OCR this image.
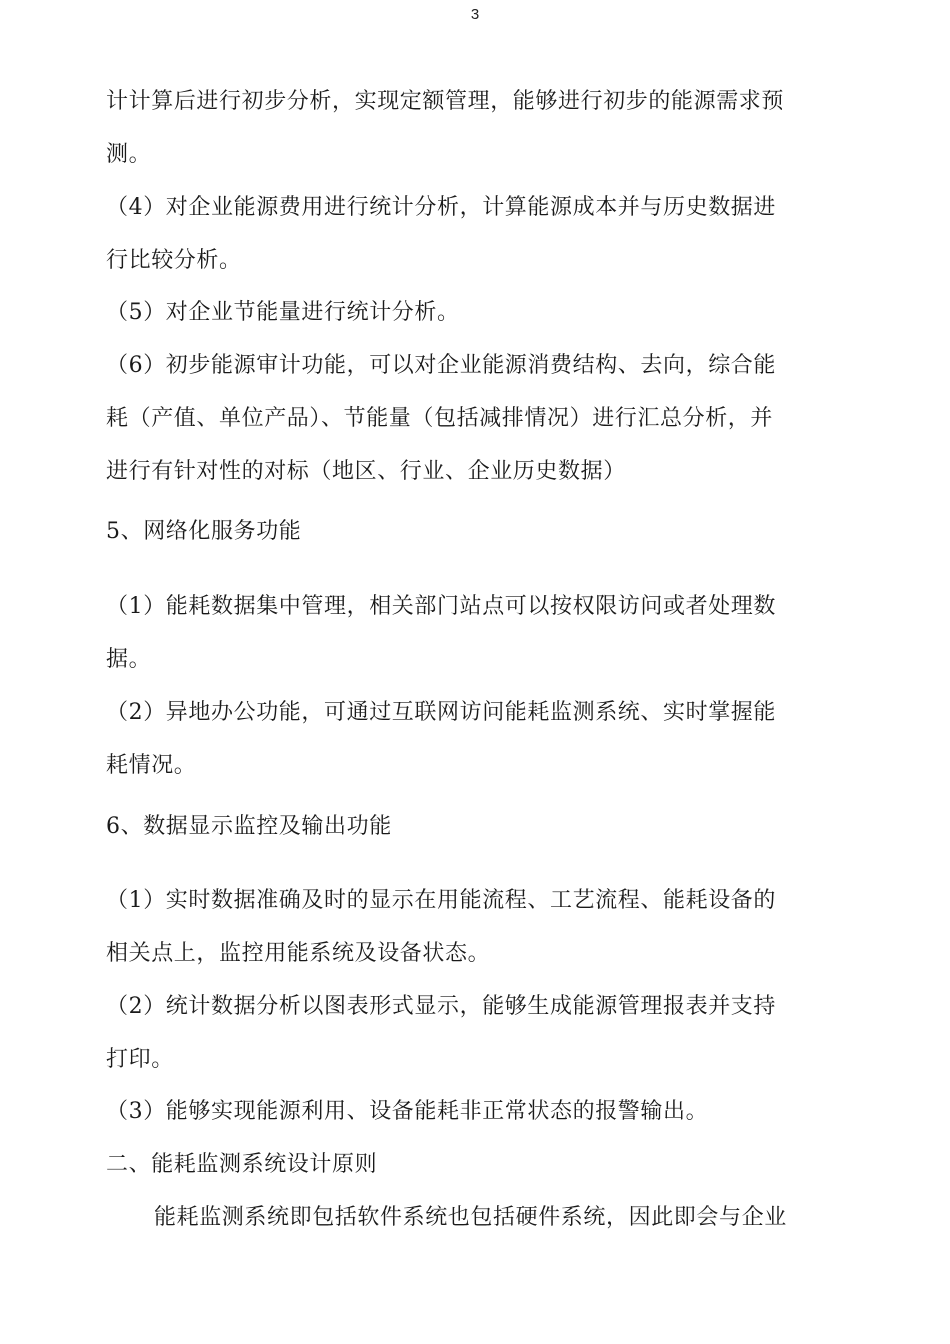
3
计计算后进行初步分析，实现定额管理，能够进行初步的能源需求预
测。
（4）对企业能源费用进行统计分析，计算能源成本并与历史数据进
行比较分析。
（5）对企业节能量进行统计分析。
（6）初步能源审计功能，可以对企业能源消费结构、去向，综合能
耗（产值、单位产品）、节能量（包括减排情况）进行汇总分析，并
进行有针对性的对标（地区、行业、企业历史数据）
5、网络化服务功能
（1）能耗数据集中管理，相关部门站点可以按权限访问或者处理数
据。
（2）异地办公功能，可通过互联网访问能耗监测系统、实时掌握能
耗情况。
6、数据显示监控及输出功能
（1）实时数据准确及时的显示在用能流程、工艺流程、能耗设备的
相关点上，监控用能系统及设备状态。
（2）统计数据分析以图表形式显示，能够生成能源管理报表并支持
打印。
（3）能够实现能源利用、设备能耗非正常状态的报警输出。
二、能耗监测系统设计原则
能耗监测系统即包括软件系统也包括硬件系统，因此即会与企业
